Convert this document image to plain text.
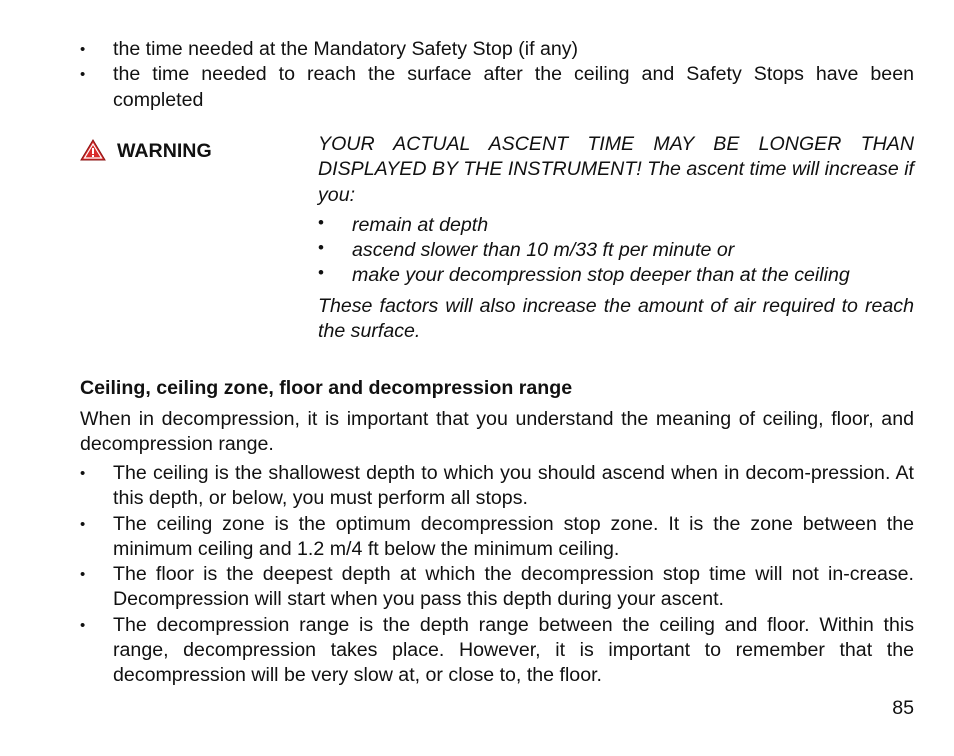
•	the time needed at the Mandatory Safety Stop (if any)
•	the time needed to reach the surface after the ceiling and Safety Stops have been completed
WARNING	YOUR ACTUAL ASCENT TIME MAY BE LONGER THAN DISPLAYED BY THE INSTRUMENT! The ascent time will increase if you:

•	remain at depth
•	ascend slower than 10 m/33 ft per minute or
•	make your decompression stop deeper than at the ceiling

These factors will also increase the amount of air required to reach the surface.

Ceiling, ceiling zone, floor and decompression range
When in decompression, it is important that you understand the meaning of ceiling, floor, and decompression range.
•	The ceiling is the shallowest depth to which you should ascend when in decom-pression. At this depth, or below, you must perform all stops.
•	The ceiling zone is the optimum decompression stop zone. It is the zone between the minimum ceiling and 1.2 m/4 ft below the minimum ceiling.
•	The floor is the deepest depth at which the decompression stop time will not in-crease. Decompression will start when you pass this depth during your ascent.
•	The decompression range is the depth range between the ceiling and floor. Within this range, decompression takes place. However, it is important to remember that the decompression will be very slow at, or close to, the floor.
85
